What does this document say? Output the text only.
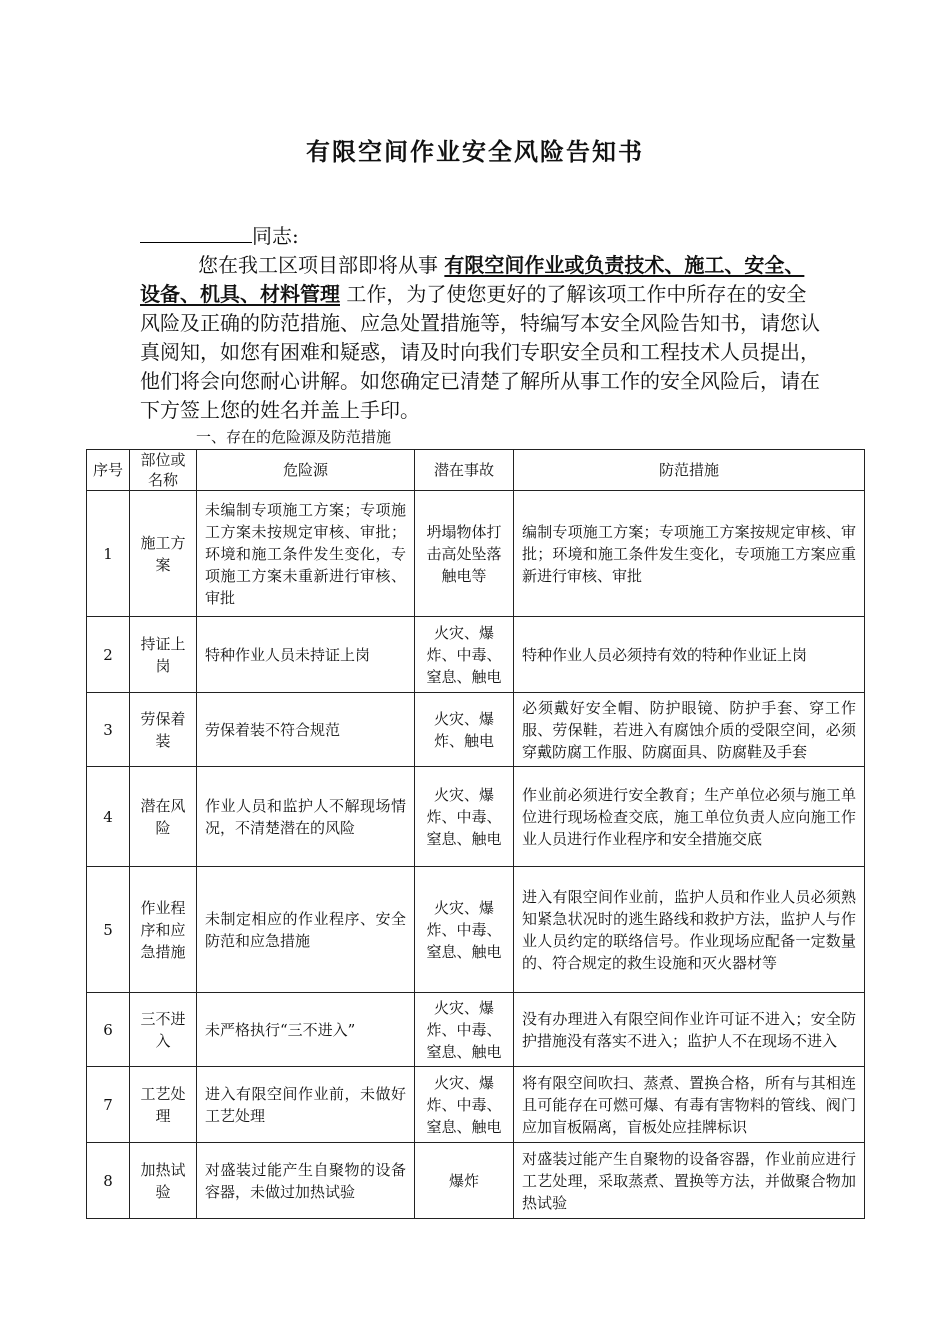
有限空间作业安全风险告知书
同志:
您在我工区项目部即将从事 有限空间作业或负责技术、施工、安全、设备、机具、材料管理 工作，为了使您更好的了解该项工作中所存在的安全风险及正确的防范措施、应急处置措施等，特编写本安全风险告知书，请您认真阅知，如您有困难和疑惑，请及时向我们专职安全员和工程技术人员提出，他们将会向您耐心讲解。如您确定已清楚了解所从事工作的安全风险后，请在下方签上您的姓名并盖上手印。
一、存在的危险源及防范措施
序号	部位或名称	危险源	潜在事故	防范措施
1	施工方案	未编制专项施工方案；专项施工方案未按规定审核、审批；环境和施工条件发生变化，专项施工方案未重新进行审核、审批	坍塌物体打击高处坠落触电等	编制专项施工方案；专项施工方案按规定审核、审批；环境和施工条件发生变化，专项施工方案应重新进行审核、审批
2	持证上岗	特种作业人员未持证上岗	火灾、爆炸、中毒、窒息、触电	特种作业人员必须持有效的特种作业证上岗
3	劳保着装	劳保着装不符合规范	火灾、爆炸、触电	必须戴好安全帽、防护眼镜、防护手套、穿工作服、劳保鞋，若进入有腐蚀介质的受限空间，必须穿戴防腐工作服、防腐面具、防腐鞋及手套
4	潜在风险	作业人员和监护人不解现场情况，不清楚潜在的风险	火灾、爆炸、中毒、窒息、触电	作业前必须进行安全教育；生产单位必须与施工单位进行现场检查交底，施工单位负责人应向施工作业人员进行作业程序和安全措施交底
5	作业程序和应急措施	未制定相应的作业程序、安全防范和应急措施	火灾、爆炸、中毒、窒息、触电	进入有限空间作业前，监护人员和作业人员必须熟知紧急状况时的逃生路线和救护方法，监护人与作业人员约定的联络信号。作业现场应配备一定数量的、符合规定的救生设施和灭火器材等
6	三不进入	未严格执行“三不进入”	火灾、爆炸、中毒、窒息、触电	没有办理进入有限空间作业许可证不进入；安全防护措施没有落实不进入；监护人不在现场不进入
7	工艺处理	进入有限空间作业前，未做好工艺处理	火灾、爆炸、中毒、窒息、触电	将有限空间吹扫、蒸煮、置换合格，所有与其相连且可能存在可燃可爆、有毒有害物料的管线、阀门应加盲板隔离，盲板处应挂牌标识
8	加热试验	对盛装过能产生自聚物的设备容器，未做过加热试验	爆炸	对盛装过能产生自聚物的设备容器，作业前应进行工艺处理，采取蒸煮、置换等方法，并做聚合物加热试验
